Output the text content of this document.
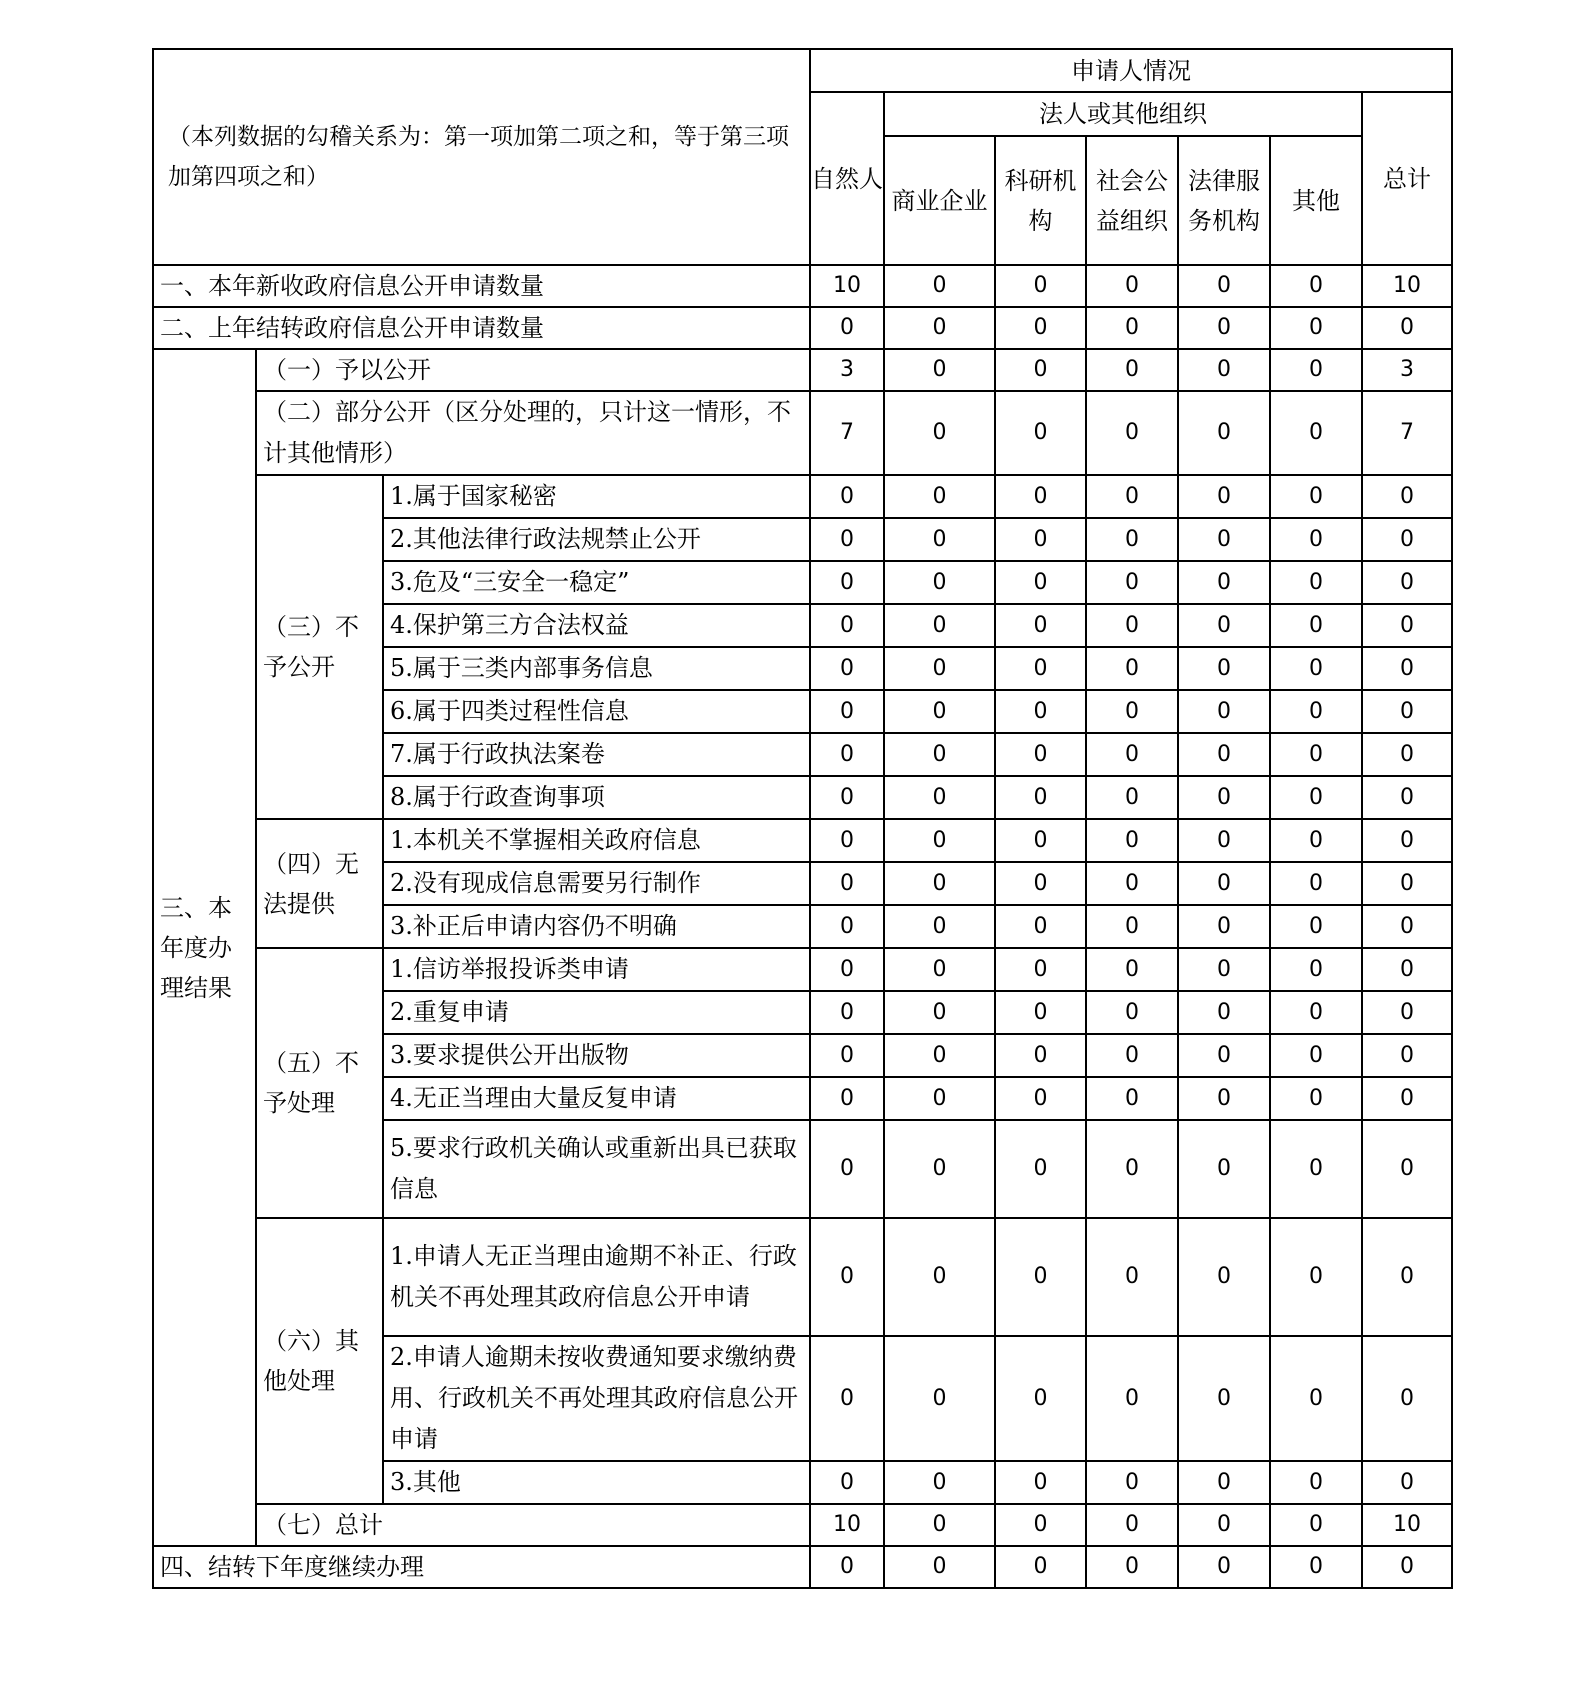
（本列数据的勾稽关系为：第一项加第二项之和，等于第三项加第四项之和）			申请人情况						
			自然人	法人或其他组织					总计
				商业企业	科研机构	社会公益组织	法律服务机构	其他	
一、本年新收政府信息公开申请数量			10	0	0	0	0	0	10
二、上年结转政府信息公开申请数量			0	0	0	0	0	0	0
三、本年度办理结果	（一）予以公开		3	0	0	0	0	0	3
	（二）部分公开（区分处理的，只计这一情形，不计其他情形）		7	0	0	0	0	0	7
	（三）不予公开	1.属于国家秘密	0	0	0	0	0	0	0
		2.其他法律行政法规禁止公开	0	0	0	0	0	0	0
		3.危及“三安全一稳定”	0	0	0	0	0	0	0
		4.保护第三方合法权益	0	0	0	0	0	0	0
		5.属于三类内部事务信息	0	0	0	0	0	0	0
		6.属于四类过程性信息	0	0	0	0	0	0	0
		7.属于行政执法案卷	0	0	0	0	0	0	0
		8.属于行政查询事项	0	0	0	0	0	0	0
	（四）无法提供	1.本机关不掌握相关政府信息	0	0	0	0	0	0	0
		2.没有现成信息需要另行制作	0	0	0	0	0	0	0
		3.补正后申请内容仍不明确	0	0	0	0	0	0	0
	（五）不予处理	1.信访举报投诉类申请	0	0	0	0	0	0	0
		2.重复申请	0	0	0	0	0	0	0
		3.要求提供公开出版物	0	0	0	0	0	0	0
		4.无正当理由大量反复申请	0	0	0	0	0	0	0
		5.要求行政机关确认或重新出具已获取信息	0	0	0	0	0	0	0
	（六）其他处理	1.申请人无正当理由逾期不补正、行政机关不再处理其政府信息公开申请	0	0	0	0	0	0	0
		2.申请人逾期未按收费通知要求缴纳费用、行政机关不再处理其政府信息公开申请	0	0	0	0	0	0	0
		3.其他	0	0	0	0	0	0	0
	（七）总计		10	0	0	0	0	0	10
四、结转下年度继续办理			0	0	0	0	0	0	0
